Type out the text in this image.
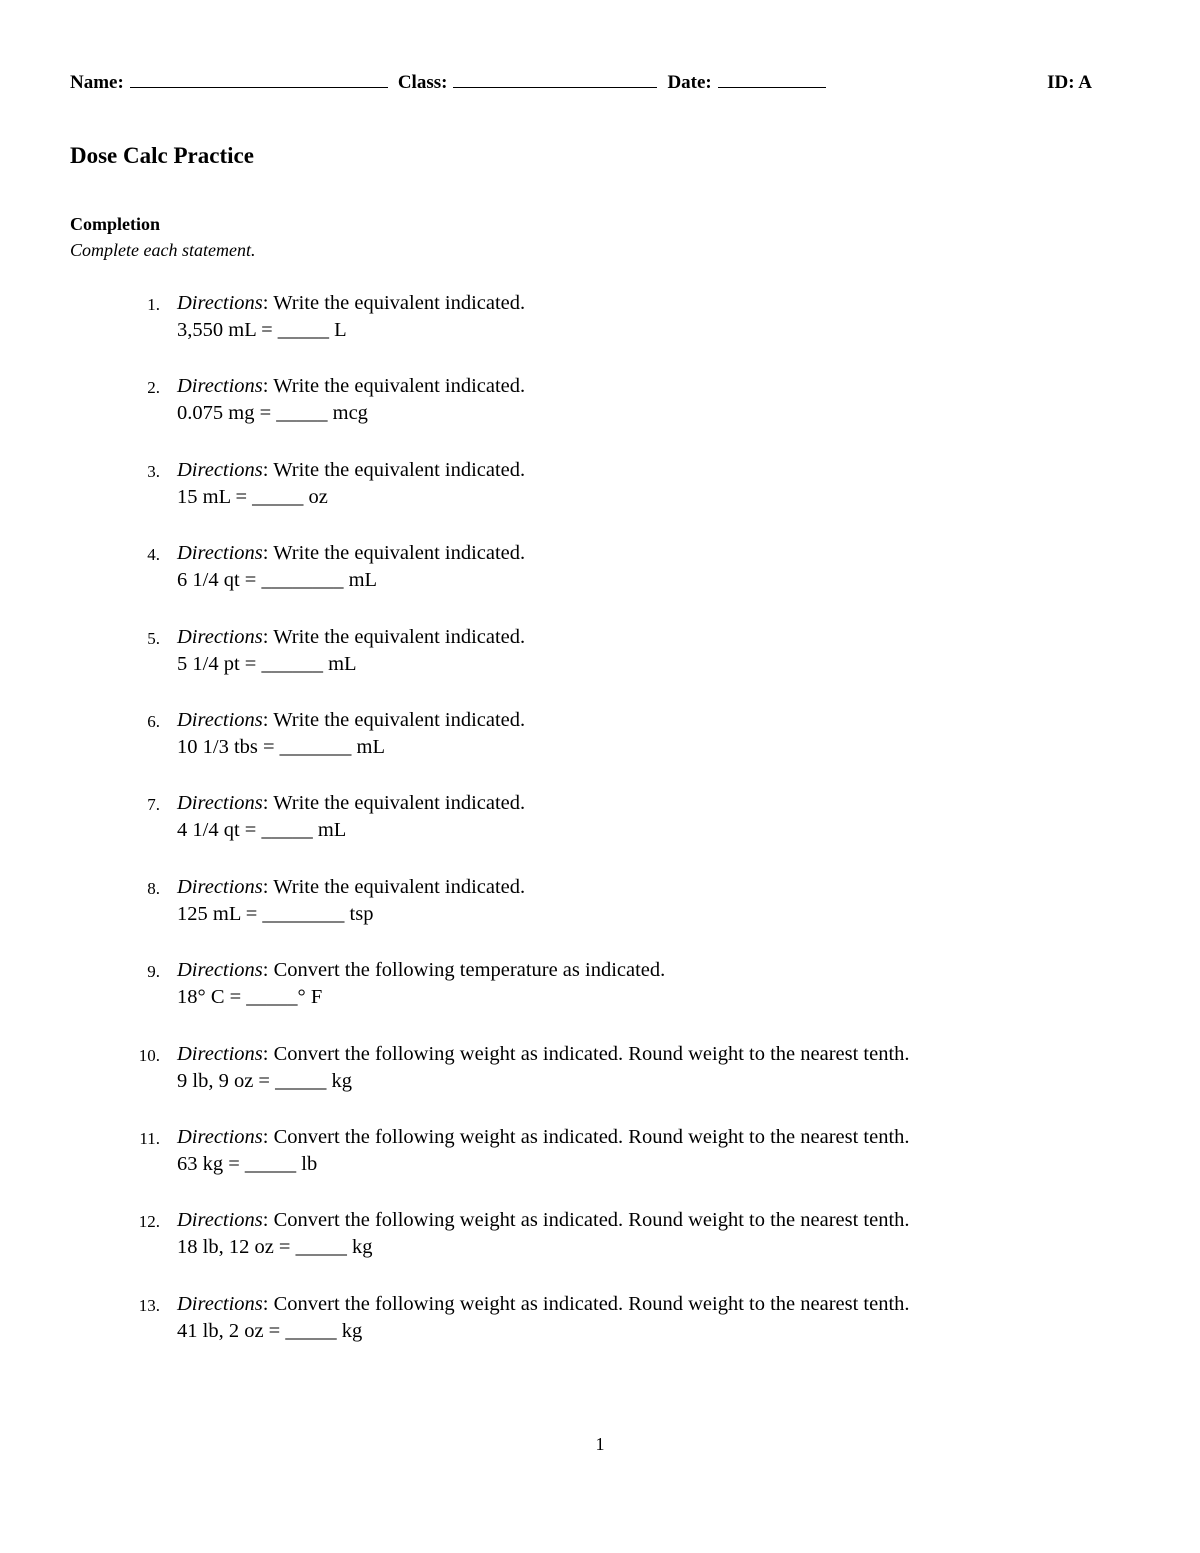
Name:	Class:	Date:	ID: A
Dose Calc Practice
Completion
Complete each statement.
1. Directions: Write the equivalent indicated.
3,550 mL = _____ L
2. Directions: Write the equivalent indicated.
0.075 mg = _____ mcg
3. Directions: Write the equivalent indicated.
15 mL = _____ oz
4. Directions: Write the equivalent indicated.
6 1/4 qt = ________ mL
5. Directions: Write the equivalent indicated.
5 1/4 pt = ______ mL
6. Directions: Write the equivalent indicated.
10 1/3 tbs = _______ mL
7. Directions: Write the equivalent indicated.
4 1/4 qt = _____ mL
8. Directions: Write the equivalent indicated.
125 mL = ________ tsp
9. Directions: Convert the following temperature as indicated.
18° C = _____° F
10. Directions: Convert the following weight as indicated. Round weight to the nearest tenth.
9 lb, 9 oz = _____ kg
11. Directions: Convert the following weight as indicated. Round weight to the nearest tenth.
63 kg = _____ lb
12. Directions: Convert the following weight as indicated. Round weight to the nearest tenth.
18 lb, 12 oz = _____ kg
13. Directions: Convert the following weight as indicated. Round weight to the nearest tenth.
41 lb, 2 oz = _____ kg
1
